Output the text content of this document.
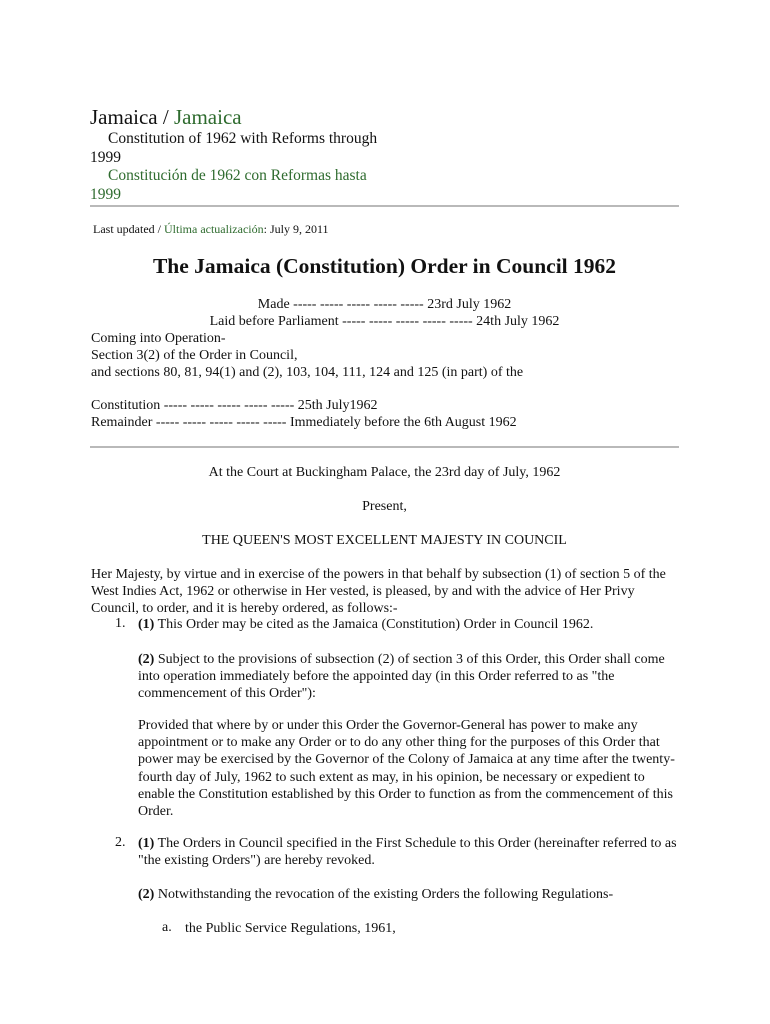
Jamaica / Jamaica
Constitution of 1962 with Reforms through 1999
Constitución de 1962 con Reformas hasta 1999
Last updated / Última actualización: July 9, 2011
The Jamaica (Constitution) Order in Council 1962
Made ----- ----- ----- ----- ----- 23rd July 1962
Laid before Parliament ----- ----- ----- ----- ----- 24th July 1962
Coming into Operation-
Section 3(2) of the Order in Council,
and sections 80, 81, 94(1) and (2), 103, 104, 111, 124 and 125 (in part) of the
Constitution ----- ----- ----- ----- ----- 25th July1962
Remainder ----- ----- ----- ----- ----- Immediately before the 6th August 1962
At the Court at Buckingham Palace, the 23rd day of July, 1962
Present,
THE QUEEN'S MOST EXCELLENT MAJESTY IN COUNCIL
Her Majesty, by virtue and in exercise of the powers in that behalf by subsection (1) of section 5 of the West Indies Act, 1962 or otherwise in Her vested, is pleased, by and with the advice of Her Privy Council, to order, and it is hereby ordered, as follows:-
1. (1) This Order may be cited as the Jamaica (Constitution) Order in Council 1962.
(2) Subject to the provisions of subsection (2) of section 3 of this Order, this Order shall come into operation immediately before the appointed day (in this Order referred to as "the commencement of this Order"):
Provided that where by or under this Order the Governor-General has power to make any appointment or to make any Order or to do any other thing for the purposes of this Order that power may be exercised by the Governor of the Colony of Jamaica at any time after the twenty-fourth day of July, 1962 to such extent as may, in his opinion, be necessary or expedient to enable the Constitution established by this Order to function as from the commencement of this Order.
2. (1) The Orders in Council specified in the First Schedule to this Order (hereinafter referred to as "the existing Orders") are hereby revoked.
(2) Notwithstanding the revocation of the existing Orders the following Regulations-
a. the Public Service Regulations, 1961,
